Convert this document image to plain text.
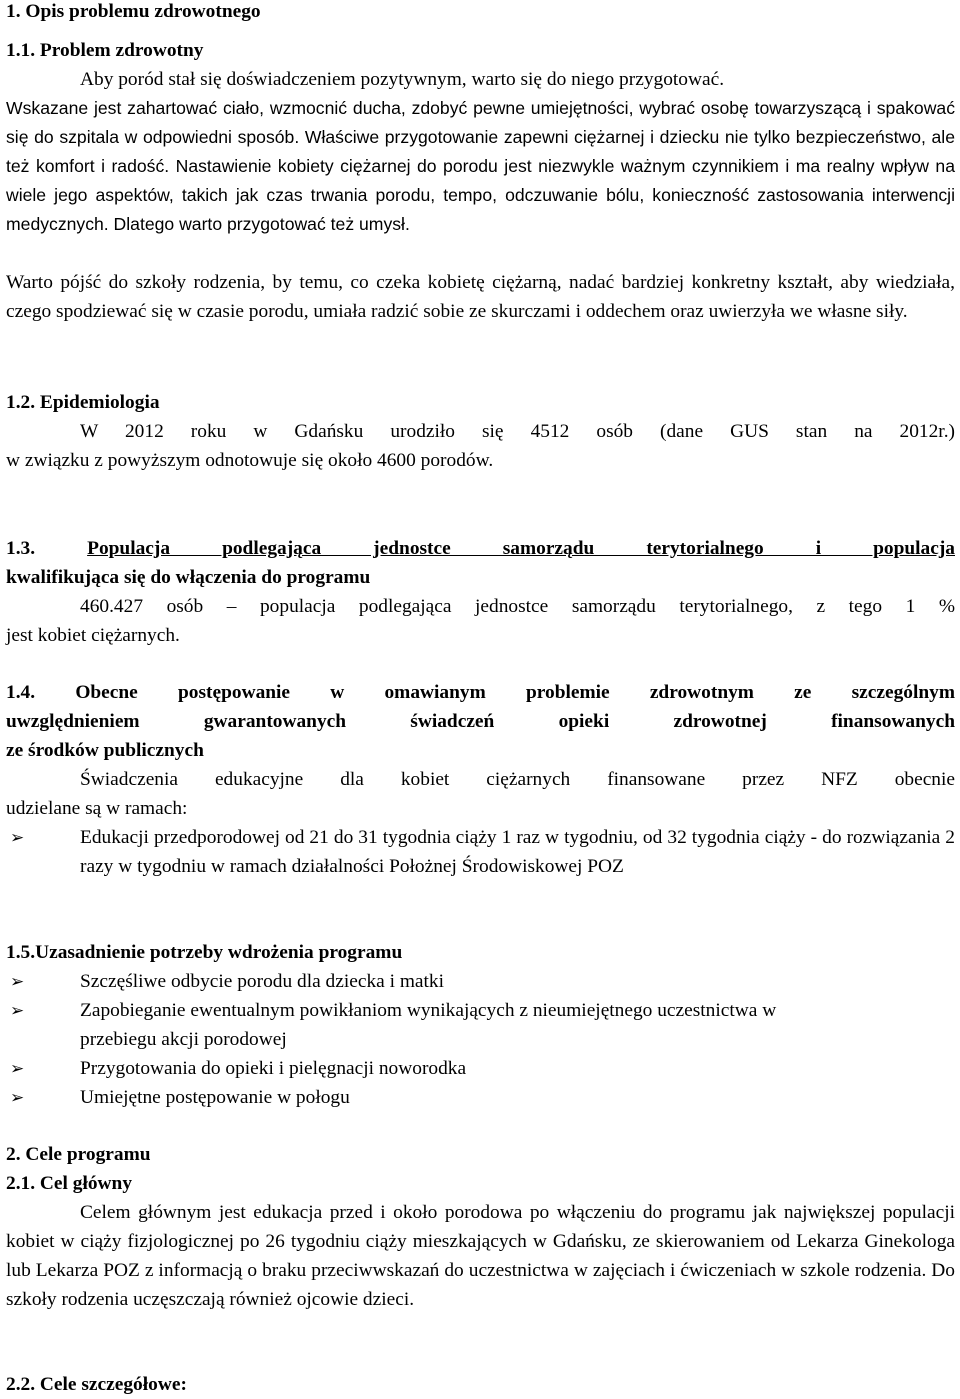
1. Opis problemu zdrowotnego
1.1. Problem zdrowotny
Aby poród stał się doświadczeniem pozytywnym, warto się do niego przygotować.
Wskazane jest zahartować ciało, wzmocnić ducha, zdobyć pewne umiejętności, wybrać osobę towarzyszącą i spakować się do szpitala w odpowiedni sposób. Właściwe przygotowanie zapewni ciężarnej i dziecku nie tylko bezpieczeństwo, ale też komfort i radość. Nastawienie kobiety ciężarnej do porodu jest niezwykle ważnym czynnikiem i ma realny wpływ na wiele jego aspektów, takich jak czas trwania porodu, tempo, odczuwanie bólu, konieczność zastosowania interwencji medycznych. Dlatego warto przygotować też umysł.
Warto pójść do szkoły rodzenia, by temu, co czeka kobietę ciężarną, nadać bardziej konkretny kształt, aby wiedziała, czego spodziewać się w czasie porodu, umiała radzić sobie ze skurczami i oddechem oraz uwierzyła we własne siły.
1.2. Epidemiologia
W 2012 roku w Gdańsku urodziło się 4512 osób (dane GUS stan na 2012r.)
w związku z powyższym odnotowuje się około 4600 porodów.
1.3.	Populacja podlegająca jednostce samorządu terytorialnego i populacja
kwalifikująca się do włączenia do programu
460.427 osób – populacja podlegająca jednostce samorządu terytorialnego, z tego 1 %
jest kobiet ciężarnych.
1.4. Obecne postępowanie w omawianym problemie zdrowotnym ze szczególnym
uwzględnieniem gwarantowanych świadczeń opieki zdrowotnej finansowanych
ze środków publicznych
Świadczenia edukacyjne dla kobiet ciężarnych finansowane przez NFZ obecnie
udzielane są w ramach:
➢	Edukacji przedporodowej od 21 do 31 tygodnia ciąży 1 raz w tygodniu, od 32 tygodnia ciąży - do rozwiązania 2 razy w tygodniu w ramach działalności Położnej Środowiskowej POZ
1.5.Uzasadnienie potrzeby wdrożenia programu
➢	Szczęśliwe odbycie porodu dla dziecka i matki
➢	Zapobieganie ewentualnym powikłaniom wynikających z nieumiejętnego uczestnictwa w przebiegu akcji porodowej
➢	Przygotowania do opieki i pielęgnacji noworodka
➢	Umiejętne postępowanie w połogu
2. Cele programu
2.1. Cel główny
Celem głównym jest edukacja przed i około porodowa po włączeniu do programu jak największej populacji kobiet w ciąży fizjologicznej po 26 tygodniu ciąży mieszkających w Gdańsku, ze skierowaniem od Lekarza Ginekologa lub Lekarza POZ z informacją o braku przeciwwskazań do uczestnictwa w zajęciach i ćwiczeniach w szkole rodzenia. Do szkoły rodzenia uczęszczają również ojcowie dzieci.
2.2. Cele szczegółowe:
